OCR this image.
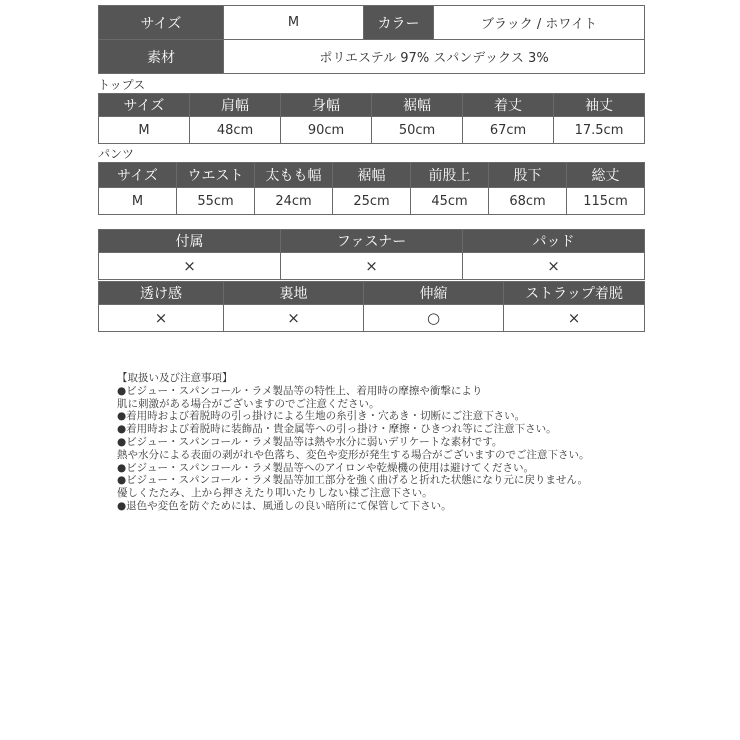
サイズ	M	カラー	ブラック / ホワイト
素材	ポリエステル 97% スパンデックス 3%		
トップス
サイズ	肩幅	身幅	裾幅	着丈	袖丈
M	48cm	90cm	50cm	67cm	17.5cm
パンツ
サイズ	ウエスト	太もも幅	裾幅	前股上	股下	総丈
M	55cm	24cm	25cm	45cm	68cm	115cm
付属	ファスナー	パッド
×	×	×
透け感	裏地	伸縮	ストラップ着脱
×	×	○	×
【取扱い及び注意事項】
●ビジュー・スパンコール・ラメ製品等の特性上、着用時の摩擦や衝撃により
肌に刺激がある場合がございますのでご注意ください。
●着用時および着脱時の引っ掛けによる生地の糸引き・穴あき・切断にご注意下さい。
●着用時および着脱時に装飾品・貴金属等への引っ掛け・摩擦・ひきつれ等にご注意下さい。
●ビジュー・スパンコール・ラメ製品等は熱や水分に弱いデリケートな素材です。
熱や水分による表面の剥がれや色落ち、変色や変形が発生する場合がございますのでご注意下さい。
●ビジュー・スパンコール・ラメ製品等へのアイロンや乾燥機の使用は避けてください。
●ビジュー・スパンコール・ラメ製品等加工部分を強く曲げると折れた状態になり元に戻りません。
優しくたたみ、上から押さえたり叩いたりしない様ご注意下さい。
●退色や変色を防ぐためには、風通しの良い暗所にて保管して下さい。
